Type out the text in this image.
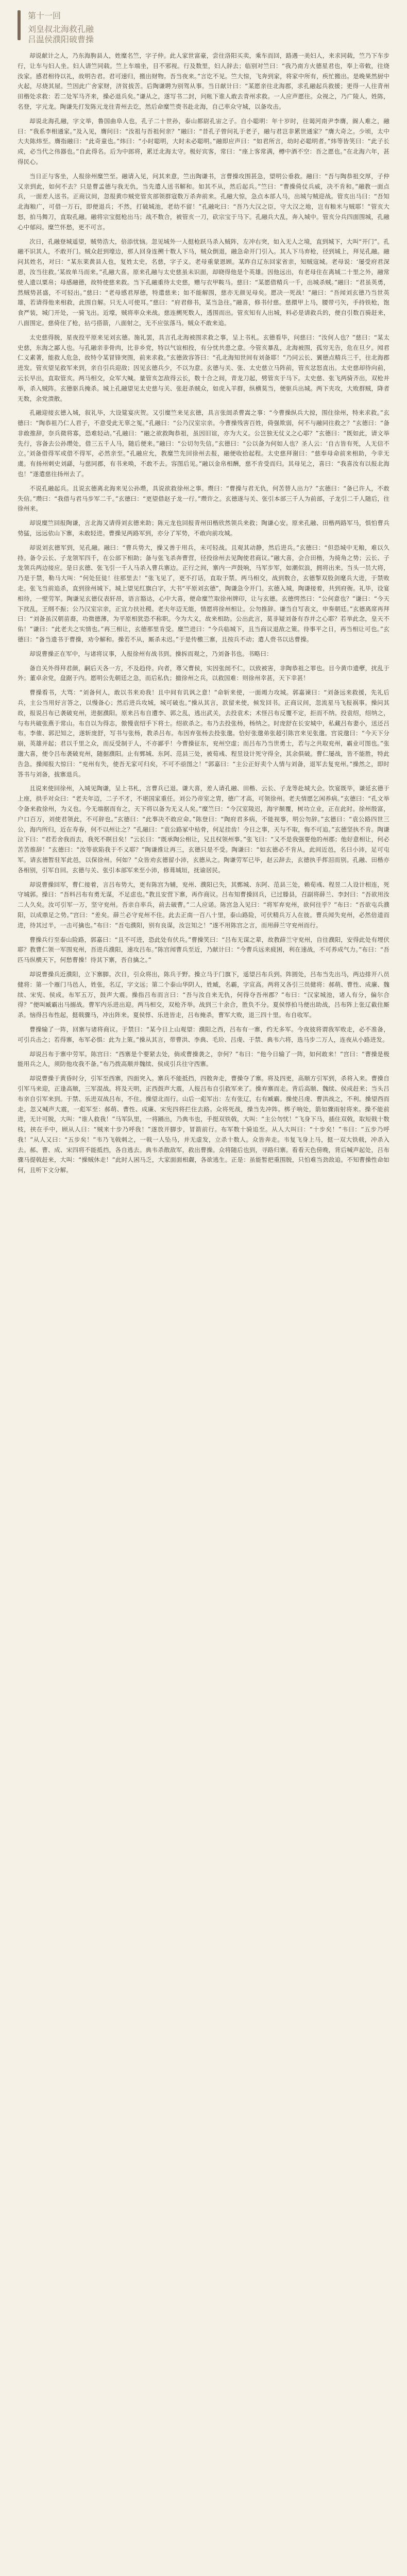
第十一回
刘皇叔北海救孔融
吕温侯濮阳破曹操

却说献计之人，乃东海朐县人，姓糜名竺，字子仲。此人家世富豪，尝往洛阳买卖，乘车而回，路遇一美妇人，来求同载，竺乃下车步行，让车与妇人坐。妇人请竺同载。竺上车端坐，目不邪视。行及数里，妇人辞去；临别对竺曰：“我乃南方火德星君也，奉上帝敕，往烧汝家。感君相待以礼，故明告君。君可速归，搬出财物。吾当夜来。”言讫不见。竺大惊，飞奔到家，将家中所有，疾忙搬出。是晚果然厨中火起，尽烧其屋。竺因此广舍家财，济贫拔苦。后陶谦聘为别驾从事。当日献计曰：“某愿亲往北海郡，求孔融起兵救援；更得一人往青州田楷处求救：若二处军马齐来，操必退兵矣。”谦从之，遂写书二封，问帐下谁人敢去青州求救。一人应声愿往。众视之，乃广陵人，姓陈，名登，字元龙。陶谦先打发陈元龙往青州去讫，然后命糜竺赍书赴北海，自己率众守城，以备攻击。

却说北海孔融，字文举，鲁国曲阜人也，孔子二十世孙，泰山都尉孔宙之子。自小聪明：年十岁时，往谒河南尹李膺，阍人难之，融曰：“我系李相通家。”及入见，膺问曰：“汝祖与吾祖何亲？”融曰：“昔孔子曾问礼于老子，融与君岂非累世通家？”膺大奇之。少顷，太中大夫陈炜至。膺指融曰：“此奇童也。”炜曰：“小时聪明，大时未必聪明。”融即应声曰：“如君所言，幼时必聪明者。”炜等皆笑曰：“此子长成，必当代之伟器也。”自此得名。后为中郎将，累迁北海太守。极好宾客，常曰：“座上客常满，樽中酒不空：吾之愿也。”在北海六年，甚得民心。

当日正与客坐，人报徐州糜竺至。融请入见，问其来意，竺出陶谦书，言曹操攻围甚急，望明公垂救。融曰：“吾与陶恭祖交厚，子仲又亲到此，如何不去？只是曹孟德与我无仇，当先遣人送书解和。如其不从，然后起兵。”竺曰：“曹操倚仗兵威，决不肯和。”融教一面点兵，一面差人送书。正商议间，忽报黄巾贼党管亥部领群寇数万杀奔前来。孔融大惊，急点本部人马，出城与贼迎战。管亥出马曰：“吾知北海粮广，可借一万石，即便退兵；不然，打破城池，老幼不留！”孔融叱曰：“吾乃大汉之臣，守大汉之地，岂有粮米与贼耶！”管亥大怒，拍马舞刀，直取孔融。融将宗宝挺枪出马；战不数合，被管亥一刀，砍宗宝于马下。孔融兵大乱，奔入城中。管亥分兵四面围城，孔融心中郁闷。糜竺怀愁，更不可言。

次日，孔融登城遥望，贼势浩大，倍添忧恼。忽见城外一人挺枪跃马杀入贼阵，左冲右突，如入无人之境，直到城下，大叫“开门”。孔融不识其人，不敢开门。贼众赶到壕边，那人回身连搠十数人下马，贼众倒退，融急命开门引入。其人下马弃枪，径到城上，拜见孔融。融问其姓名，对曰：“某东莱黄县人也，复姓太史，名慈，字子义。老母重蒙恩顾。某昨自辽东回家省亲，知贼寇城。老母说：‘屡受府君深恩，汝当往救。’某故单马而来。”孔融大喜。原来孔融与太史慈虽未识面，却晓得他是个英雄。因他远出，有老母住在离城二十里之外，融常使人遗以粟帛；母感融德，故特使慈来救。当下孔融重待太史慈，赠与衣甲鞍马。慈曰：“某愿借精兵一千，出城杀贼。”融曰：“君虽英勇，然贼势甚盛，不可轻出。”慈曰：“老母感君厚德，特遣慈来；如不能解围，慈亦无颜见母矣。愿决一死战！”融曰：“吾闻刘玄德乃当世英雄，若请得他来相救，此围自解。只无人可使耳。”慈曰：“府君修书，某当急往。”融喜，修书付慈。慈擐甲上马，腰带弓矢，手持铁枪，饱食严装，城门开处，一骑飞出。近壕，贼将率众来战。慈连搠死数人，透围而出。管亥知有人出城，料必是请救兵的，便自引数百骑赶来，八面围定。慈倚住了枪，拈弓搭箭，八面射之，无不应弦落马。贼众不敢来追。

太史慈得脱，星夜投平原来见刘玄德。施礼罢，具言孔北海被围求救之事，呈上书札。玄德看毕，问慈曰：“汝何人也？”慈曰：“某太史慈，东海之鄙人也。与孔融亲非骨肉，比非乡党，特以气谊相投，有分忧共患之意。今管亥暴乱，北海被围，孤穷无告，危在旦夕。闻君仁义素著，能救人危急，故特令某冒锋突围，前来求救。”玄德敛容答曰：“孔北海知世间有刘备耶！”乃同云长、翼德点精兵三千，往北海郡进发。管亥望见救军来到，亲自引兵迎敌；因见玄德兵少，不以为意。玄德与关、张、太史慈立马阵前，管亥忿怒直出。太史慈却待向前，云长早出，直取管亥。两马相交，众军大喊。量管亥怎敌得云长，数十合之间，青龙刀起，劈管亥于马下。太史慈、张飞两骑齐出，双枪并举，杀入贼阵。玄德驱兵掩杀。城上孔融望见太史慈与关、张赶杀贼众，如虎入羊群，纵横莫当，便驱兵出城。两下夹攻，大败群贼，降者无数，余党溃散。

孔融迎接玄德入城，叙礼毕，大设筵宴庆贺。又引糜竺来见玄德，具言张闿杀曹嵩之事：“今曹操纵兵大掠，围住徐州，特来求救。”玄德曰：“陶恭祖乃仁人君子，不意受此无辜之冤。”孔融曰：“公乃汉室宗亲。今曹操残害百姓，倚强欺弱，何不与融同往救之？”玄德曰：“备非敢推辞，奈兵微将寡，恐难轻动。”孔融曰：“融之欲救陶恭祖，虽因旧谊，亦为大义。公岂独无仗义之心耶？”玄德曰：“既如此，请文举先行，容备去公孙瓒处，借三五千人马，随后便来。”融曰：“公切勿失信。”玄德曰：“公以备为何如人也？圣人云：‘自古皆有死，人无信不立。’刘备借得军或借不得军，必然亲至。”孔融应允，教糜竺先回徐州去报，融便收拾起程。太史慈拜谢曰：“慈奉母命前来相助，今幸无虞。有扬州刺史刘繇，与慈同郡，有书来唤，不敢不去。容图后见。”融以金帛相酬，慈不肯受而归。其母见之，喜曰：“我喜汝有以报北海也！”遂遣慈往扬州去了。

不说孔融起兵。且说玄德离北海来见公孙瓒，具说欲救徐州之事。瓒曰：“曹操与君无仇，何苦替人出力？”玄德曰：“备已许人，不敢失信。”瓒曰：“我借与君马步军二千。”玄德曰：“更望借赵子龙一行。”瓒许之。玄德遂与关、张引本部三千人为前部，子龙引二千人随后，往徐州来。

却说糜竺回报陶谦，言北海又请得刘玄德来助；陈元龙也回报青州田楷欣然领兵来救；陶谦心安。原来孔融、田楷两路军马，惧怕曹兵势猛，远远依山下寨，未敢轻进。曹操见两路军到，亦分了军势，不敢向前攻城。

却说刘玄德军到，见孔融。融曰：“曹兵势大，操又善于用兵，未可轻战。且观其动静，然后进兵。”玄德曰：“但恐城中无粮，难以久持。备令云长、子龙领军四千，在公部下相助；备与张飞杀奔曹营，径投徐州去见陶使君商议。”融大喜，会合田楷，为掎角之势；云长、子龙领兵两边接应。是日玄德、张飞引一千人马杀入曹兵寨边。正行之间，寨内一声鼓响，马军步军，如潮似浪，拥将出来。当头一员大将，乃是于禁，勒马大叫：“何处狂徒！往那里去！”张飞见了，更不打话，直取于禁。两马相交，战到数合，玄德掣双股剑麾兵大进，于禁败走。张飞当前追杀，直到徐州城下。城上望见红旗白字，大书“平原刘玄德”，陶谦急令开门。玄德入城，陶谦接着，共到府衙。礼毕，设宴相待，一壁劳军。陶谦见玄德仪表轩昂，语言豁达，心中大喜，便命糜竺取徐州牌印，让与玄德。玄德愕然曰：“公何意也？”谦曰：“今天下扰乱，王纲不振；公乃汉室宗亲，正宜力扶社稷。老夫年迈无能，情愿将徐州相让。公勿推辞。谦当自写表文，申奏朝廷。”玄德离席再拜曰：“刘备虽汉朝苗裔，功微德薄，为平原相犹恐不称职。今为大义，故来相助。公出此言，莫非疑刘备有吞并之心耶？若举此念，皇天不佑！”谦曰：“此老夫之实情也。”再三相让，玄德那里肯受。糜竺进曰：“今兵临城下，且当商议退敌之策。待事平之日，再当相让可也。”玄德曰：“备当遗书于曹操，劝令解和。操若不从，厮杀未迟。”于是传檄三寨，且按兵不动；遣人赍书以达曹操。

却说曹操正在军中，与诸将议事，人报徐州有战书到。操拆而观之，乃刘备书也。书略曰：

备自关外得拜君颜，嗣后天各一方，不及趋侍。向者，尊父曹侯，实因张闿不仁，以致被害，非陶恭祖之罪也。目今黄巾遗孽，扰乱于外；董卓余党，盘踞于内。愿明公先朝廷之急，而后私仇；撤徐州之兵，以救国难：则徐州幸甚，天下幸甚！

曹操看书，大骂：“刘备何人，敢以书来劝我！且中间有讥讽之意！”命斩来使，一面竭力攻城。郭嘉谏曰：“刘备远来救援，先礼后兵，主公当用好言答之，以慢备心；然后进兵攻城，城可破也。”操从其言，款留来使，候发回书。正商议间，忽流星马飞报祸事。操问其故，报说吕布已袭破兖州，进据濮阳。原来吕布自遭李、郭之乱，逃出武关，去投袁术；术怪吕布反覆不定，拒而不纳。投袁绍，绍纳之，与布共破张燕于常山。布自以为得志，傲慢袁绍手下将士。绍欲杀之。布乃去投张杨，杨纳之。时庞舒在长安城中，私藏吕布妻小，送还吕布。李傕、郭汜知之，遂斩庞舒，写书与张杨，教杀吕布。布因弃张杨去投张邈。恰好张邈弟张超引陈宫来见张邈。宫说邈曰：“今天下分崩，英雄并起；君以千里之众，而反受制于人，不亦鄙乎！今曹操征东，兖州空虚；而吕布乃当世勇士，若与之共取兖州，霸业可图也。”张邈大喜，便令吕布袭破兖州，随据濮阳。止有鄄城、东阿、范县三处，被荀彧、程昱设计死守得全，其余俱破。曹仁屡战，皆不能胜，特此告急。操闻报大惊曰：“兖州有失，使吾无家可归矣，不可不亟图之！”郭嘉曰：“主公正好卖个人情与刘备，退军去复兖州。”操然之，即时答书与刘备，拔寨退兵。

且说来使回徐州，入城见陶谦，呈上书札，言曹兵已退。谦大喜，差人请孔融、田楷、云长、子龙等赴城大会。饮宴既毕，谦延玄德于上座，拱手对众曰：“老夫年迈，二子不才，不堪国家重任。刘公乃帝室之胄，德广才高，可领徐州。老夫情愿乞闲养病。”玄德曰：“孔文举令备来救徐州，为义也。今无端据而有之，天下将以备为无义人矣。”糜竺曰：“今汉室陵迟，海宇颠覆，树功立业，正在此时。徐州殷富，户口百万，刘使君领此，不可辞也。”玄德曰：“此事决不敢应命。”陈登曰：“陶府君多病，不能视事，明公勿辞。”玄德曰：“袁公路四世三公，海内所归，近在寿春，何不以州让之？”孔融曰：“袁公路冢中枯骨，何足挂齿！今日之事，天与不取，悔不可追。”玄德坚执不肯。陶谦泣下曰：“君若舍我而去，我死不瞑目矣！”云长曰：“既承陶公相让，兄且权领州事。”张飞曰：“又不是我强要他的州郡；他好意相让，何必苦苦推辞！”玄德曰：“汝等欲陷我于不义耶？”陶谦推让再三，玄德只是不受。陶谦曰：“如玄德必不肯从，此间近邑，名曰小沛，足可屯军。请玄德暂驻军此邑，以保徐州。何如？”众皆劝玄德留小沛，玄德从之。陶谦劳军已毕，赵云辞去，玄德执手挥泪而别。孔融、田楷亦各相别，引军自回。玄德与关、张引本部军来至小沛，修葺城垣，抚谕居民。

却说曹操回军，曹仁接着，言吕布势大，更有陈宫为辅，兖州、濮阳已失，其鄄城、东阿、范县三处，赖荀彧、程昱二人设计相连，死守城郭。操曰：“吾料吕布有勇无谋，不足虑也。”教且安营下寨，再作商议。吕布知曹操回兵，已过滕县，召副将薛兰、李封曰：“吾欲用汝二人久矣。汝可引军一万，坚守兖州。吾亲自率兵，前去破曹。”二人应诺。陈宫急入见曰：“将军弃兖州，欲何往乎？”布曰：“吾欲屯兵濮阳，以成鼎足之势。”宫曰：“差矣。薛兰必守兖州不住。此去正南一百八十里，泰山路险，可伏精兵万人在彼。曹兵闻失兖州，必然倍道而进，待其过半，一击可擒也。”布曰：“吾屯濮阳，别有良谋，汝岂知之！”遂不用陈宫之言，而用薛兰守兖州而行。

曹操兵行至泰山险路，郭嘉曰：“且不可进，恐此处有伏兵。”曹操笑曰：“吕布无谋之辈，故教薛兰守兖州，自往濮阳，安得此处有埋伏耶？教曹仁领一军围兖州，吾进兵濮阳，速攻吕布。”陈宫闻曹兵至近，乃献计曰：“今曹兵远来疲困，利在速战，不可养成气力。”布曰：“吾匹马纵横天下，何愁曹操！待其下寨，吾自擒之。”

却说曹操兵近濮阳，立下寨脚。次日，引众将出，陈兵于野。操立马于门旗下，遥望吕布兵到。阵圆处，吕布当先出马，两边排开八员健将：第一个雁门马邑人，姓张，名辽，字文远；第二个泰山华阴人，姓臧，名霸，字宣高。两将又各引三员健将：郝萌、曹性、成廉、魏续、宋宪、侯成。布军五万，鼓声大震。操指吕布而言曰：“吾与汝自来无仇，何得夺吾州郡？”布曰：“汉家城池，诸人有分，偏尔合得？”便叫臧霸出马搦战。曹军内乐进出迎。两马相交，双枪齐举。战到三十余合，胜负不分。夏侯惇拍马便出助战，吕布阵上张辽截住厮杀。恼得吕布性起，挺戟骤马，冲出阵来。夏侯惇、乐进皆走，吕布掩杀，曹军大败，退三四十里。布自收军。

曹操输了一阵，回寨与诸将商议。于禁曰：“某今日上山观望：濮阳之西，吕布有一寨，约无多军。今夜彼将谓我军败走，必不准备，可引兵击之；若得寨，布军必惧：此为上策。”操从其言，带曹洪、李典、毛玠、吕虔、于禁、典韦六将，选马步二万人，连夜从小路进发。

却说吕布于寨中劳军。陈宫曰：“西寨是个要紧去处，倘或曹操袭之，奈何？”布曰：“他今日输了一阵，如何敢来！”宫曰：“曹操是极能用兵之人，须防他攻我不备。”布乃拨高顺并魏续、侯成引兵往守西寨。

却说曹操于黄昏时分，引军至西寨，四面突入。寨兵不能抵挡，四散奔走，曹操夺了寨。将及四更，高顺方引军到，杀将入来。曹操自引军马来迎，正逢高顺，三军混战。将及天明，正西鼓声大震，人报吕布自引救军来了。操弃寨而走。背后高顺、魏续、侯成赶来；当头吕布亲自引军来到。于禁、乐进双战吕布，不住。操望北而行。山后一彪军出：左有张辽，右有臧霸。操使吕虔、曹洪战之，不利。操望西而走。忽又喊声大震，一彪军至：郝萌、曹性、成廉、宋宪四将拦住去路。众将死战，操当先冲阵。梆子响处，箭如骤雨射将来。操不能前进，无计可脱，大叫：“谁人救我！”马军队里，一将踊出，乃典韦也，手挺双铁戟，大叫：“主公勿忧！”飞身下马，插住双戟，取短戟十数枝，挟在手中，顾从人曰：“贼来十步乃呼我！”遂放开脚步，冒箭前行。布军数十骑追至。从人大叫曰：“十步矣！”韦曰：“五步乃呼我！”从人又曰：“五步矣！”韦乃飞戟刺之，一戟一人坠马，并无虚发，立杀十数人。众皆奔走。韦复飞身上马，挺一双大铁戟，冲杀入去。郝、曹、成、宋四将不能抵挡，各自逃去。典韦杀散敌军，救出曹操。众将随后也到，寻路归寨。看看天色傍晚，背后喊声起处，吕布骤马提戟赶来，大叫：“操贼休走！”此时人困马乏，大家面面相觑，各欲逃生。正是：虽能暂把重围脱，只怕难当劲敌追。不知曹操性命如何，且听下文分解。
